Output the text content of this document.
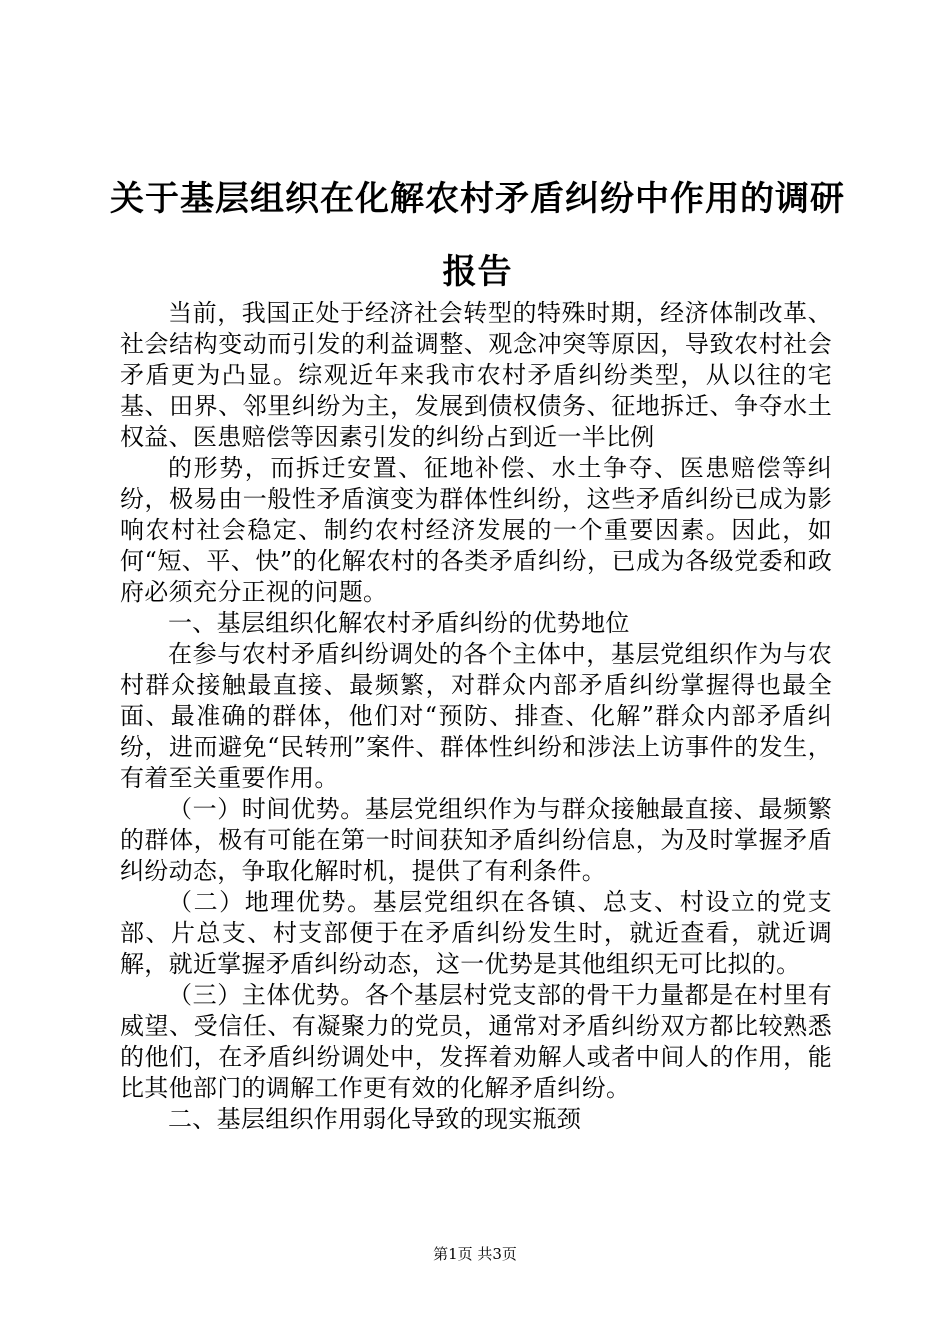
关于基层组织在化解农村矛盾纠纷中作用的调研报告

当前，我国正处于经济社会转型的特殊时期，经济体制改革、社会结构变动而引发的利益调整、观念冲突等原因，导致农村社会矛盾更为凸显。综观近年来我市农村矛盾纠纷类型，从以往的宅基、田界、邻里纠纷为主，发展到债权债务、征地拆迁、争夺水土权益、医患赔偿等因素引发的纠纷占到近一半比例

的形势，而拆迁安置、征地补偿、水土争夺、医患赔偿等纠纷，极易由一般性矛盾演变为群体性纠纷，这些矛盾纠纷已成为影响农村社会稳定、制约农村经济发展的一个重要因素。因此，如何“短、平、快”的化解农村的各类矛盾纠纷，已成为各级党委和政府必须充分正视的问题。

一、基层组织化解农村矛盾纠纷的优势地位

在参与农村矛盾纠纷调处的各个主体中，基层党组织作为与农村群众接触最直接、最频繁，对群众内部矛盾纠纷掌握得也最全面、最准确的群体，他们对“预防、排查、化解”群众内部矛盾纠纷，进而避免“民转刑”案件、群体性纠纷和涉法上访事件的发生，有着至关重要作用。

（一）时间优势。基层党组织作为与群众接触最直接、最频繁的群体，极有可能在第一时间获知矛盾纠纷信息，为及时掌握矛盾纠纷动态，争取化解时机，提供了有利条件。

（二）地理优势。基层党组织在各镇、总支、村设立的党支部、片总支、村支部便于在矛盾纠纷发生时，就近查看，就近调解，就近掌握矛盾纠纷动态，这一优势是其他组织无可比拟的。

（三）主体优势。各个基层村党支部的骨干力量都是在村里有威望、受信任、有凝聚力的党员，通常对矛盾纠纷双方都比较熟悉的他们，在矛盾纠纷调处中，发挥着劝解人或者中间人的作用，能比其他部门的调解工作更有效的化解矛盾纠纷。

二、基层组织作用弱化导致的现实瓶颈

第1页 共3页
